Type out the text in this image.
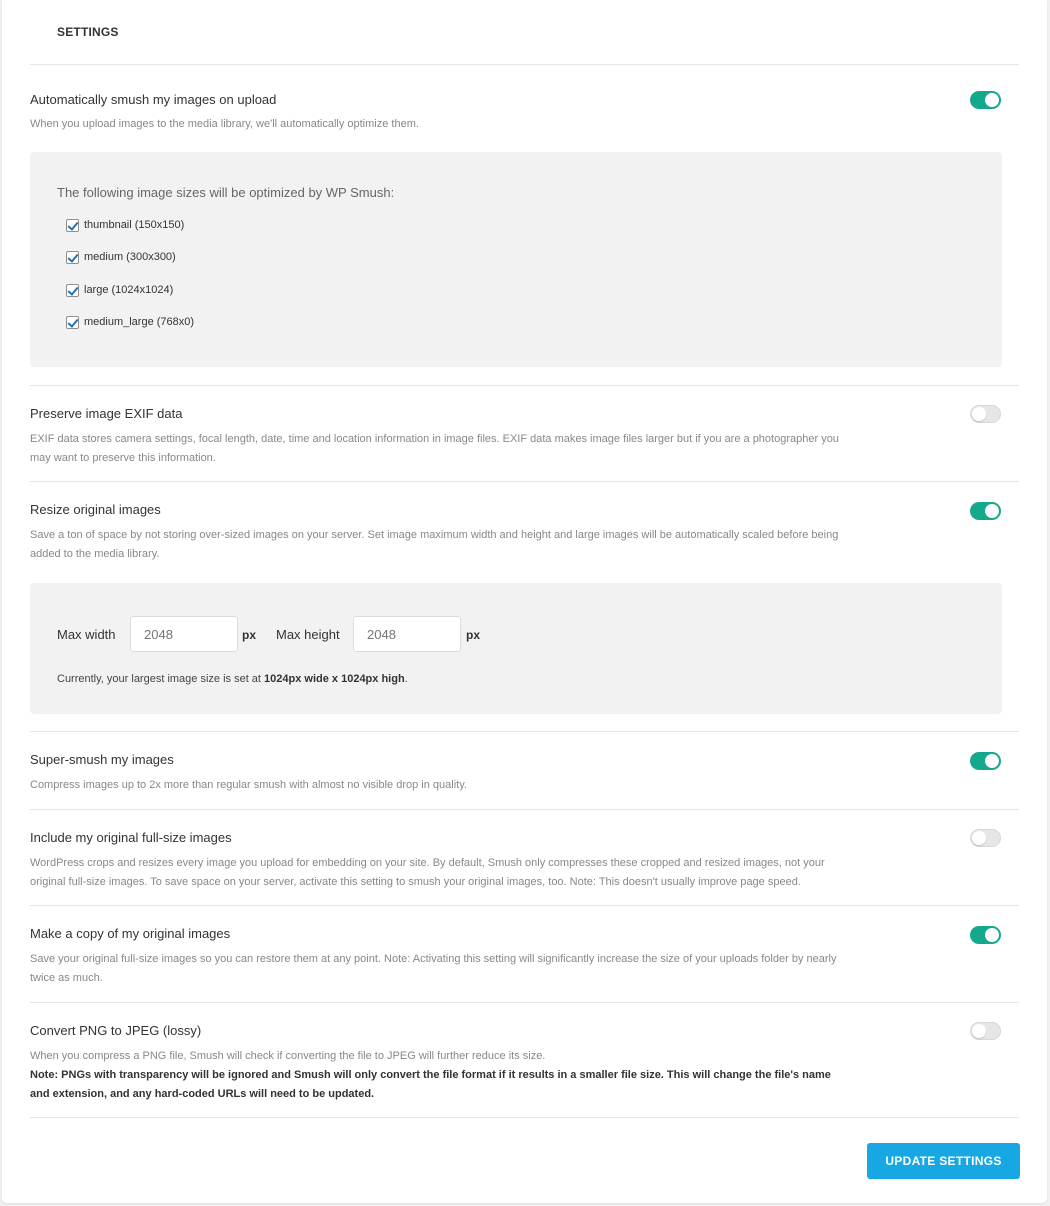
SETTINGS
Automatically smush my images on upload
When you upload images to the media library, we'll automatically optimize them.
The following image sizes will be optimized by WP Smush:
thumbnail (150x150)
medium (300x300)
large (1024x1024)
medium_large (768x0)
Preserve image EXIF data
EXIF data stores camera settings, focal length, date, time and location information in image files. EXIF data makes image files larger but if you are a photographer you may want to preserve this information.
Resize original images
Save a ton of space by not storing over-sized images on your server. Set image maximum width and height and large images will be automatically scaled before being added to the media library.
Max width
2048	px Max height
2048	px
Currently, your largest image size is set at 1024px wide x 1024px high.
Super-smush my images
Compress images up to 2x more than regular smush with almost no visible drop in quality.
Include my original full-size images
WordPress crops and resizes every image you upload for embedding on your site. By default, Smush only compresses these cropped and resized images, not your original full-size images. To save space on your server, activate this setting to smush your original images, too. Note: This doesn't usually improve page speed.
Make a copy of my original images
Save your original full-size images so you can restore them at any point. Note: Activating this setting will significantly increase the size of your uploads folder by nearly twice as much.
Convert PNG to JPEG (lossy)
When you compress a PNG file, Smush will check if converting the file to JPEG will further reduce its size.
Note: PNGs with transparency will be ignored and Smush will only convert the file format if it results in a smaller file size. This will change the file's name and extension, and any hard-coded URLs will need to be updated.
UPDATE SETTINGS
